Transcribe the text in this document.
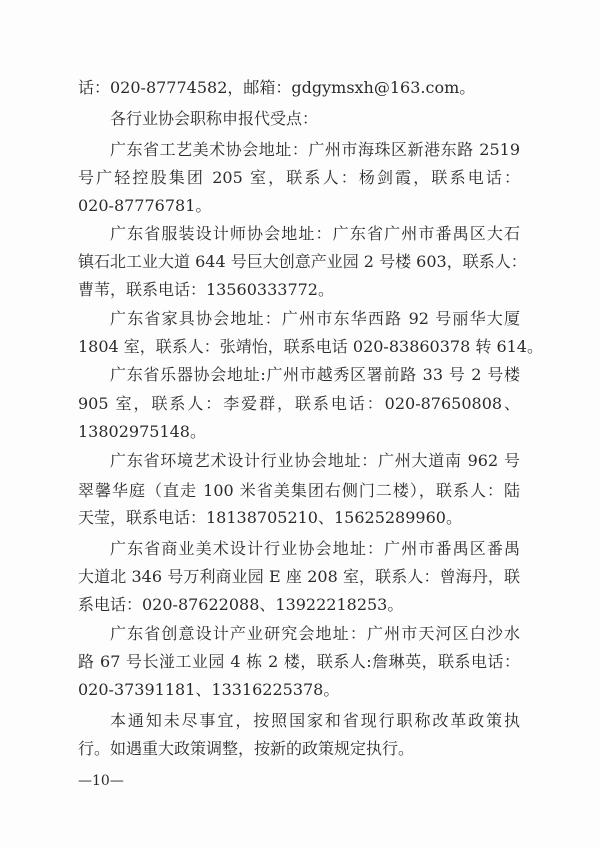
话：020-87774582，邮箱：gdgymsxh@163.com。
各行业协会职称申报代受点：
广东省工艺美术协会地址：广州市海珠区新港东路 2519
号广轻控股集团 205 室，联系人：杨剑霞，联系电话：
020-87776781。
广东省服装设计师协会地址：广东省广州市番禺区大石
镇石北工业大道 644 号巨大创意产业园 2 号楼 603，联系人：
曹苇，联系电话：13560333772。
广东省家具协会地址：广州市东华西路 92 号丽华大厦
1804 室，联系人：张靖怡，联系电话 020-83860378 转 614。
广东省乐器协会地址:广州市越秀区署前路 33 号 2 号楼
905 室，联系人：李爱群，联系电话：020-87650808、
13802975148。
广东省环境艺术设计行业协会地址：广州大道南 962 号
翠馨华庭（直走 100 米省美集团右侧门二楼），联系人：陆
天莹，联系电话：18138705210、15625289960。
广东省商业美术设计行业协会地址：广州市番禺区番禺
大道北 346 号万利商业园 E 座 208 室，联系人：曾海丹，联
系电话：020-87622088、13922218253。
广东省创意设计产业研究会地址：广州市天河区白沙水
路 67 号长湴工业园 4 栋 2 楼，联系人:詹琳英，联系电话：
020-37391181、13316225378。
本通知未尽事宜，按照国家和省现行职称改革政策执
行。如遇重大政策调整，按新的政策规定执行。
—10—
